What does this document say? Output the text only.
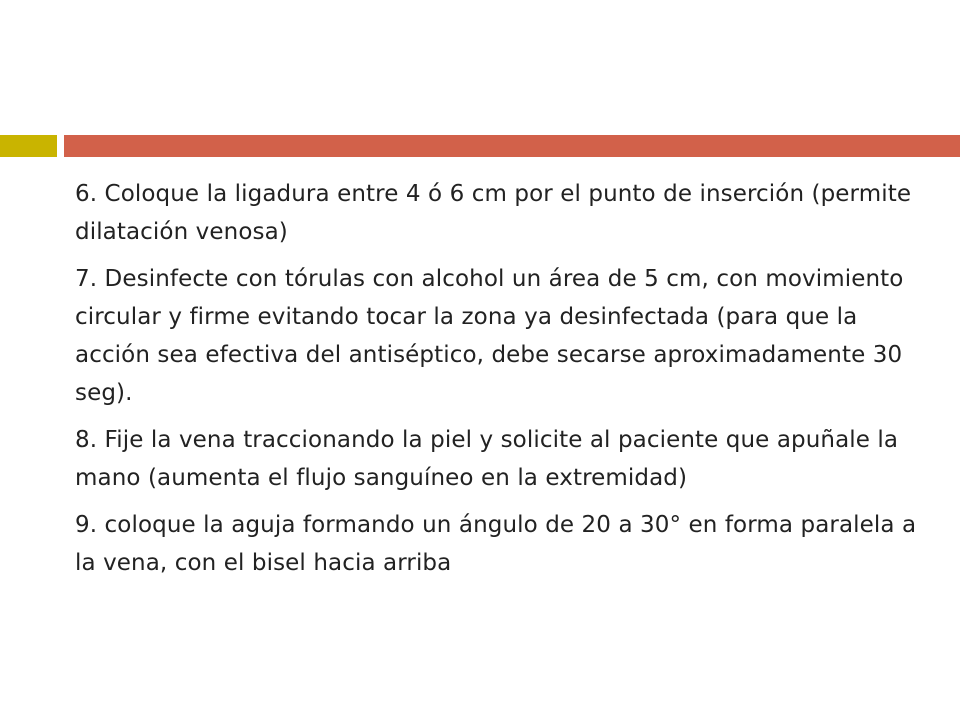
6. Coloque la ligadura entre 4 ó 6 cm por el punto de inserción (permite dilatación venosa)

7. Desinfecte con tórulas con alcohol un área de 5 cm, con movimiento circular y firme evitando tocar la zona ya desinfectada (para que la acción sea efectiva del antiséptico, debe secarse aproximadamente 30 seg).

8. Fije la vena traccionando la piel y solicite al paciente que apuñale la mano (aumenta el flujo sanguíneo en la extremidad)

9. coloque la aguja formando un ángulo de 20 a 30° en forma paralela a la vena, con el bisel hacia arriba
